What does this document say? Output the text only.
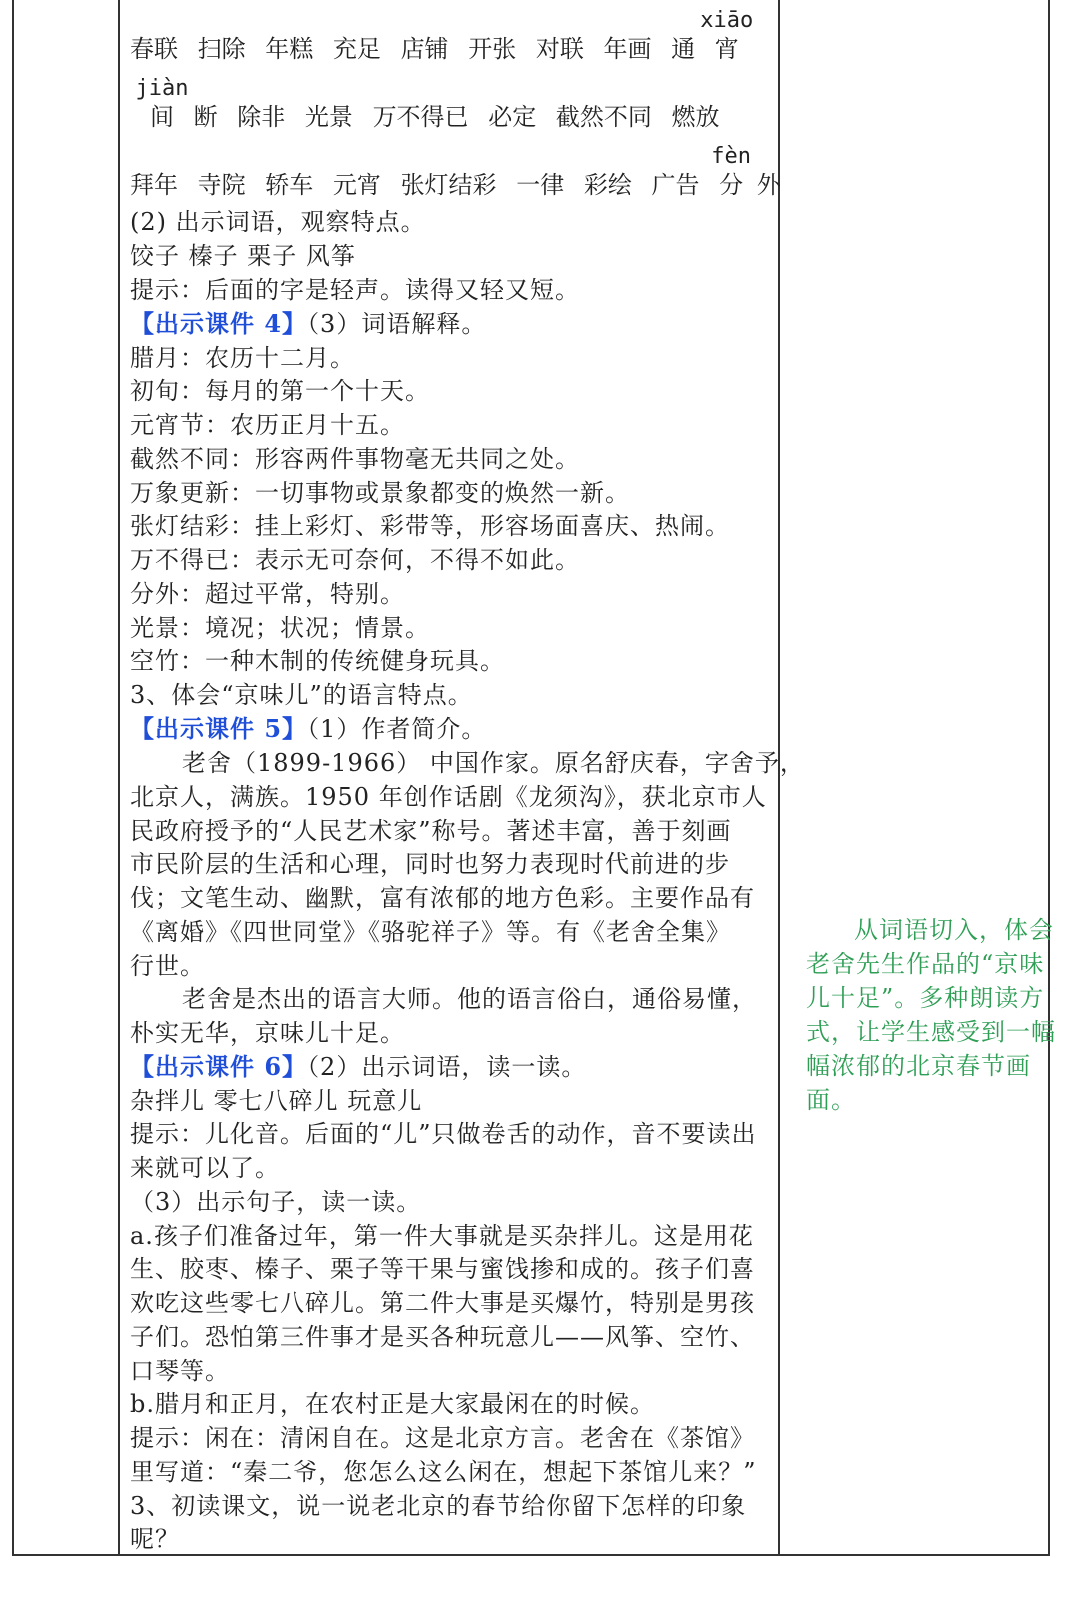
春联 扫除 年糕 充足 店铺 开张 对联 年画 通
xiāo
宵
jiàn
间 断 除非 光景 万不得已 必定 截然不同 燃放
拜年 寺院 轿车 元宵 张灯结彩 一律 彩绘 广告
fèn
分 外
(2) 出示词语，观察特点。
饺子 榛子 栗子 风筝
提示：后面的字是轻声。读得又轻又短。
【出示课件 4】（3）词语解释。
腊月：农历十二月。
初旬：每月的第一个十天。
元宵节：农历正月十五。
截然不同：形容两件事物毫无共同之处。
万象更新：一切事物或景象都变的焕然一新。
张灯结彩：挂上彩灯、彩带等，形容场面喜庆、热闹。
万不得已：表示无可奈何，不得不如此。
分外：超过平常，特别。
光景：境况；状况；情景。
空竹：一种木制的传统健身玩具。
3、体会“京味儿”的语言特点。
【出示课件 5】（1）作者简介。
老舍（1899-1966） 中国作家。原名舒庆春，字舍予，
北京人，满族。1950 年创作话剧《龙须沟》，获北京市人
民政府授予的“人民艺术家”称号。著述丰富，善于刻画
市民阶层的生活和心理，同时也努力表现时代前进的步
伐；文笔生动、幽默，富有浓郁的地方色彩。主要作品有
《离婚》《四世同堂》《骆驼祥子》等。有《老舍全集》
行世。
老舍是杰出的语言大师。他的语言俗白，通俗易懂，
朴实无华，京味儿十足。
【出示课件 6】（2）出示词语，读一读。
杂拌儿 零七八碎儿 玩意儿
提示：儿化音。后面的“儿”只做卷舌的动作，音不要读出
来就可以了。
（3）出示句子，读一读。
a.孩子们准备过年，第一件大事就是买杂拌儿。这是用花
生、胶枣、榛子、栗子等干果与蜜饯掺和成的。孩子们喜
欢吃这些零七八碎儿。第二件大事是买爆竹，特别是男孩
子们。恐怕第三件事才是买各种玩意儿——风筝、空竹、
口琴等。
b.腊月和正月，在农村正是大家最闲在的时候。
提示：闲在：清闲自在。这是北京方言。老舍在《茶馆》
里写道：“秦二爷，您怎么这么闲在，想起下茶馆儿来？”
3、初读课文，说一说老北京的春节给你留下怎样的印象
呢？
从词语切入，体会
老舍先生作品的“京味
儿十足”。多种朗读方
式，让学生感受到一幅
幅浓郁的北京春节画
面。
